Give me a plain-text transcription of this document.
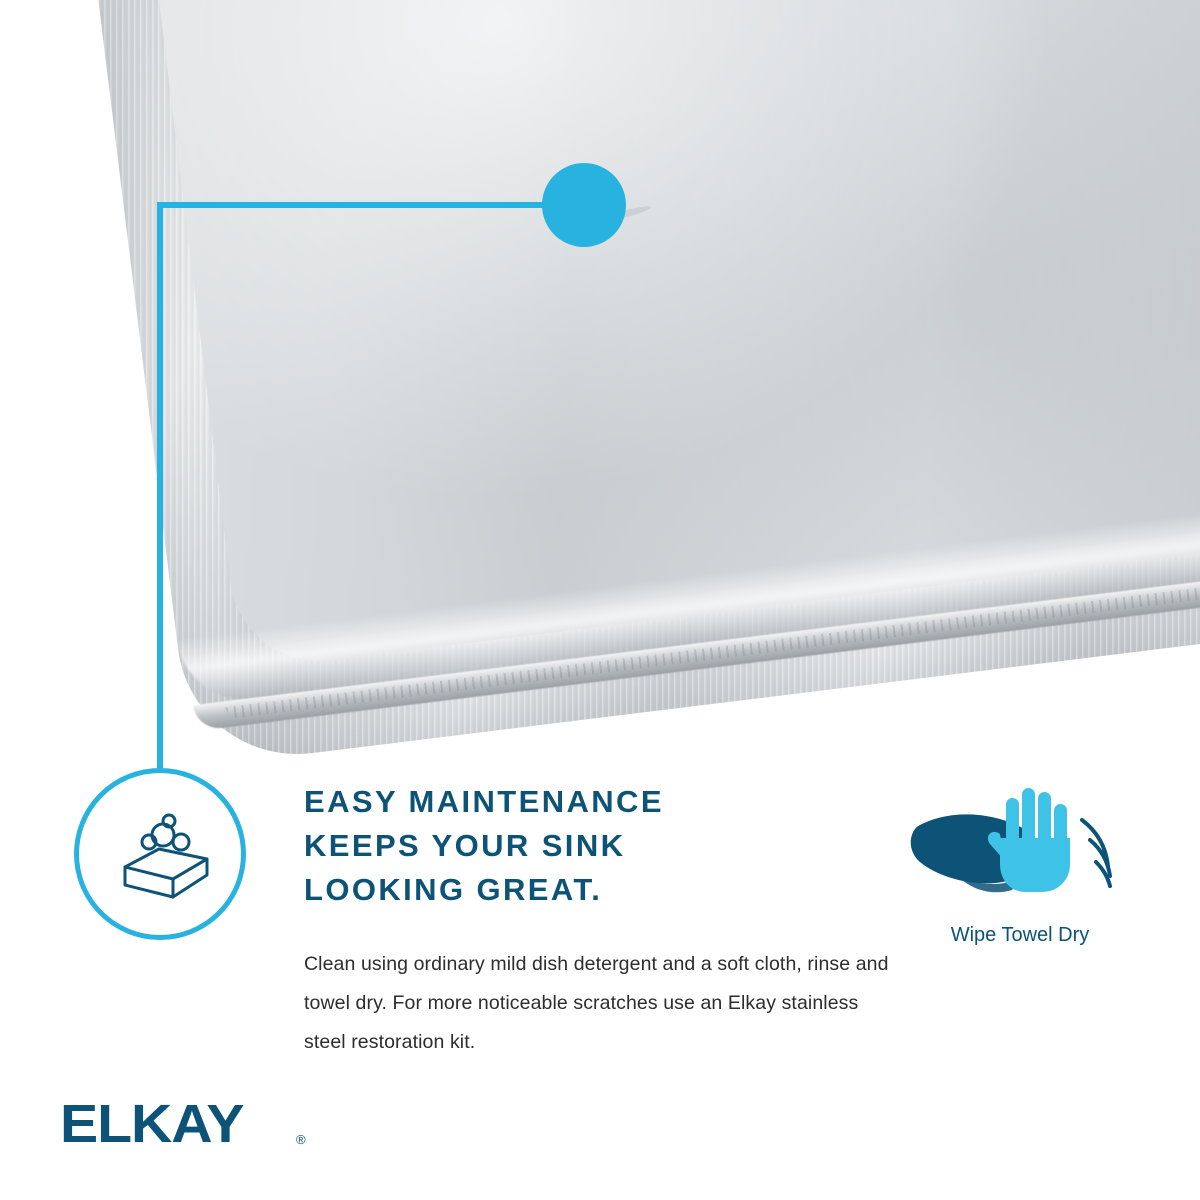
EASY MAINTENANCE
KEEPS YOUR SINK
LOOKING GREAT.
Clean using ordinary mild dish detergent and a soft cloth, rinse and towel dry. For more noticeable scratches use an Elkay stainless steel restoration kit.
Wipe Towel Dry
ELKAY	®
